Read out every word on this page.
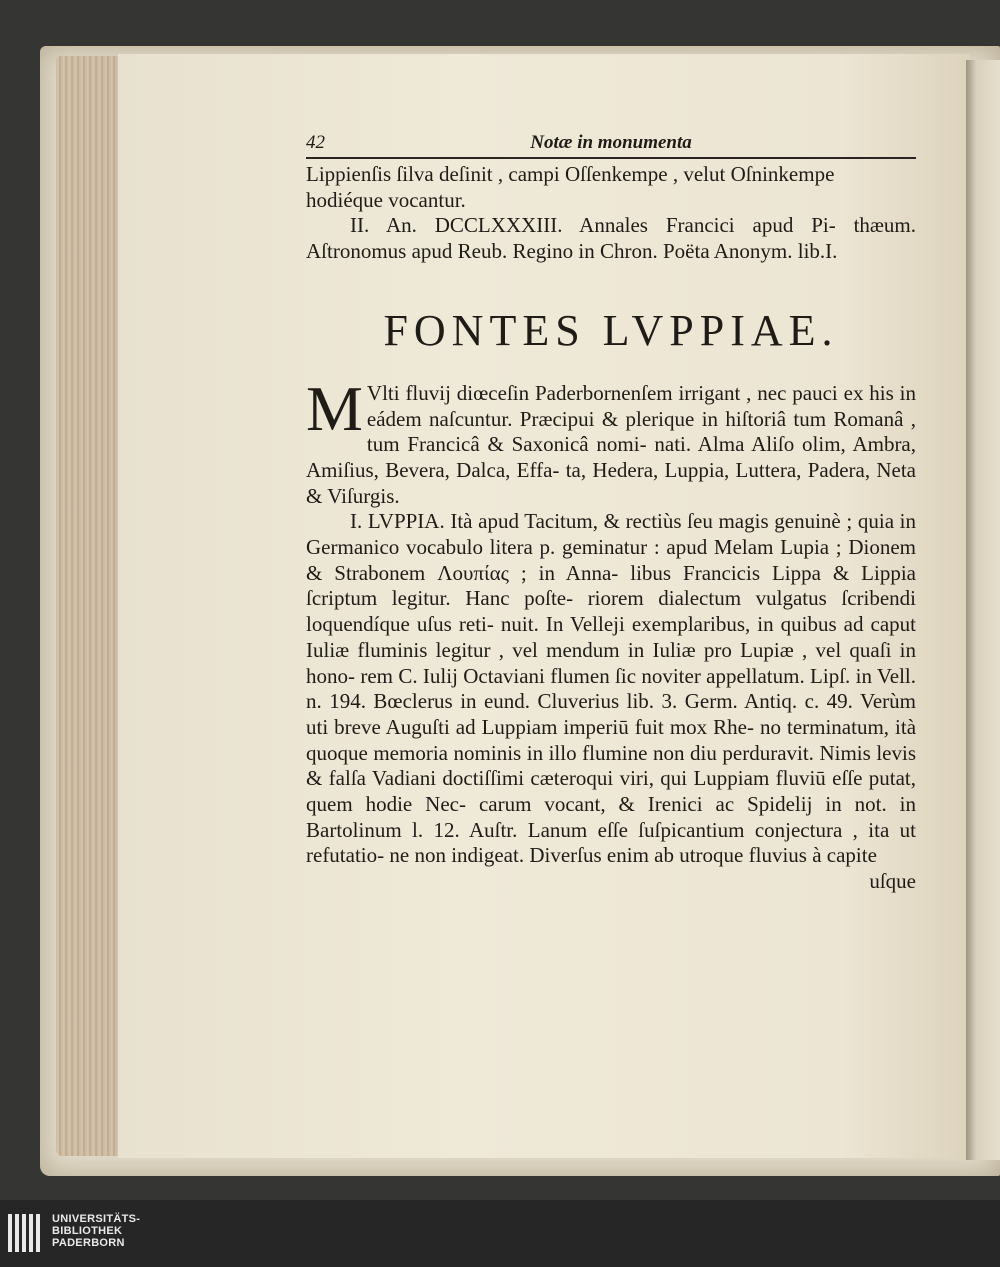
42	Notæ in monumenta

Lippienſis ſilva deſinit , campi Oſſenkempe , velut Oſninkempe
hodiéque vocantur.

II. An. DCCLXXXIII. Annales Francici apud Pi- thæum. Aſtronomus apud Reub. Regino in Chron. Poëta Anonym. lib.I.

FONTES LVPPIAE.

M Vlti fluvij diœceſin Paderbornenſem irrigant , nec pauci ex his in eádem naſcuntur. Præcipui & plerique in hiſtoriâ tum Romanâ , tum Francicâ & Saxonicâ nomi- nati. Alma Aliſo olim, Ambra, Amiſius, Bevera, Dalca, Effa- ta, Hedera, Luppia, Luttera, Padera, Neta & Viſurgis.

I. LVPPIA. Ità apud Tacitum, & rectiùs ſeu magis genuinè ; quia in Germanico vocabulo litera p. geminatur : apud Melam Lupia ; Dionem & Strabonem Λουπίας ; in Anna- libus Francicis Lippa & Lippia ſcriptum legitur. Hanc poſte- riorem dialectum vulgatus ſcribendi loquendíque uſus reti- nuit. In Velleji exemplaribus, in quibus ad caput Iuliæ fluminis legitur , vel mendum in Iuliæ pro Lupiæ , vel quaſi in hono- rem C. Iulij Octaviani flumen ſic noviter appellatum. Lipſ. in Vell. n. 194. Bœclerus in eund. Cluverius lib. 3. Germ. Antiq. c. 49. Verùm uti breve Auguſti ad Luppiam imperiū fuit mox Rhe- no terminatum, ità quoque memoria nominis in illo flumine non diu perduravit. Nimis levis & falſa Vadiani doctiſſimi cæteroqui viri, qui Luppiam fluviū eſſe putat, quem hodie Nec- carum vocant, & Irenici ac Spidelij in not. in Bartolinum l. 12. Auſtr. Lanum eſſe ſuſpicantium conjectura , ita ut refutatio- ne non indigeat. Diverſus enim ab utroque fluvius à capite

uſque
UNIVERSITÄTS-
BIBLIOTHEK
PADERBORN
